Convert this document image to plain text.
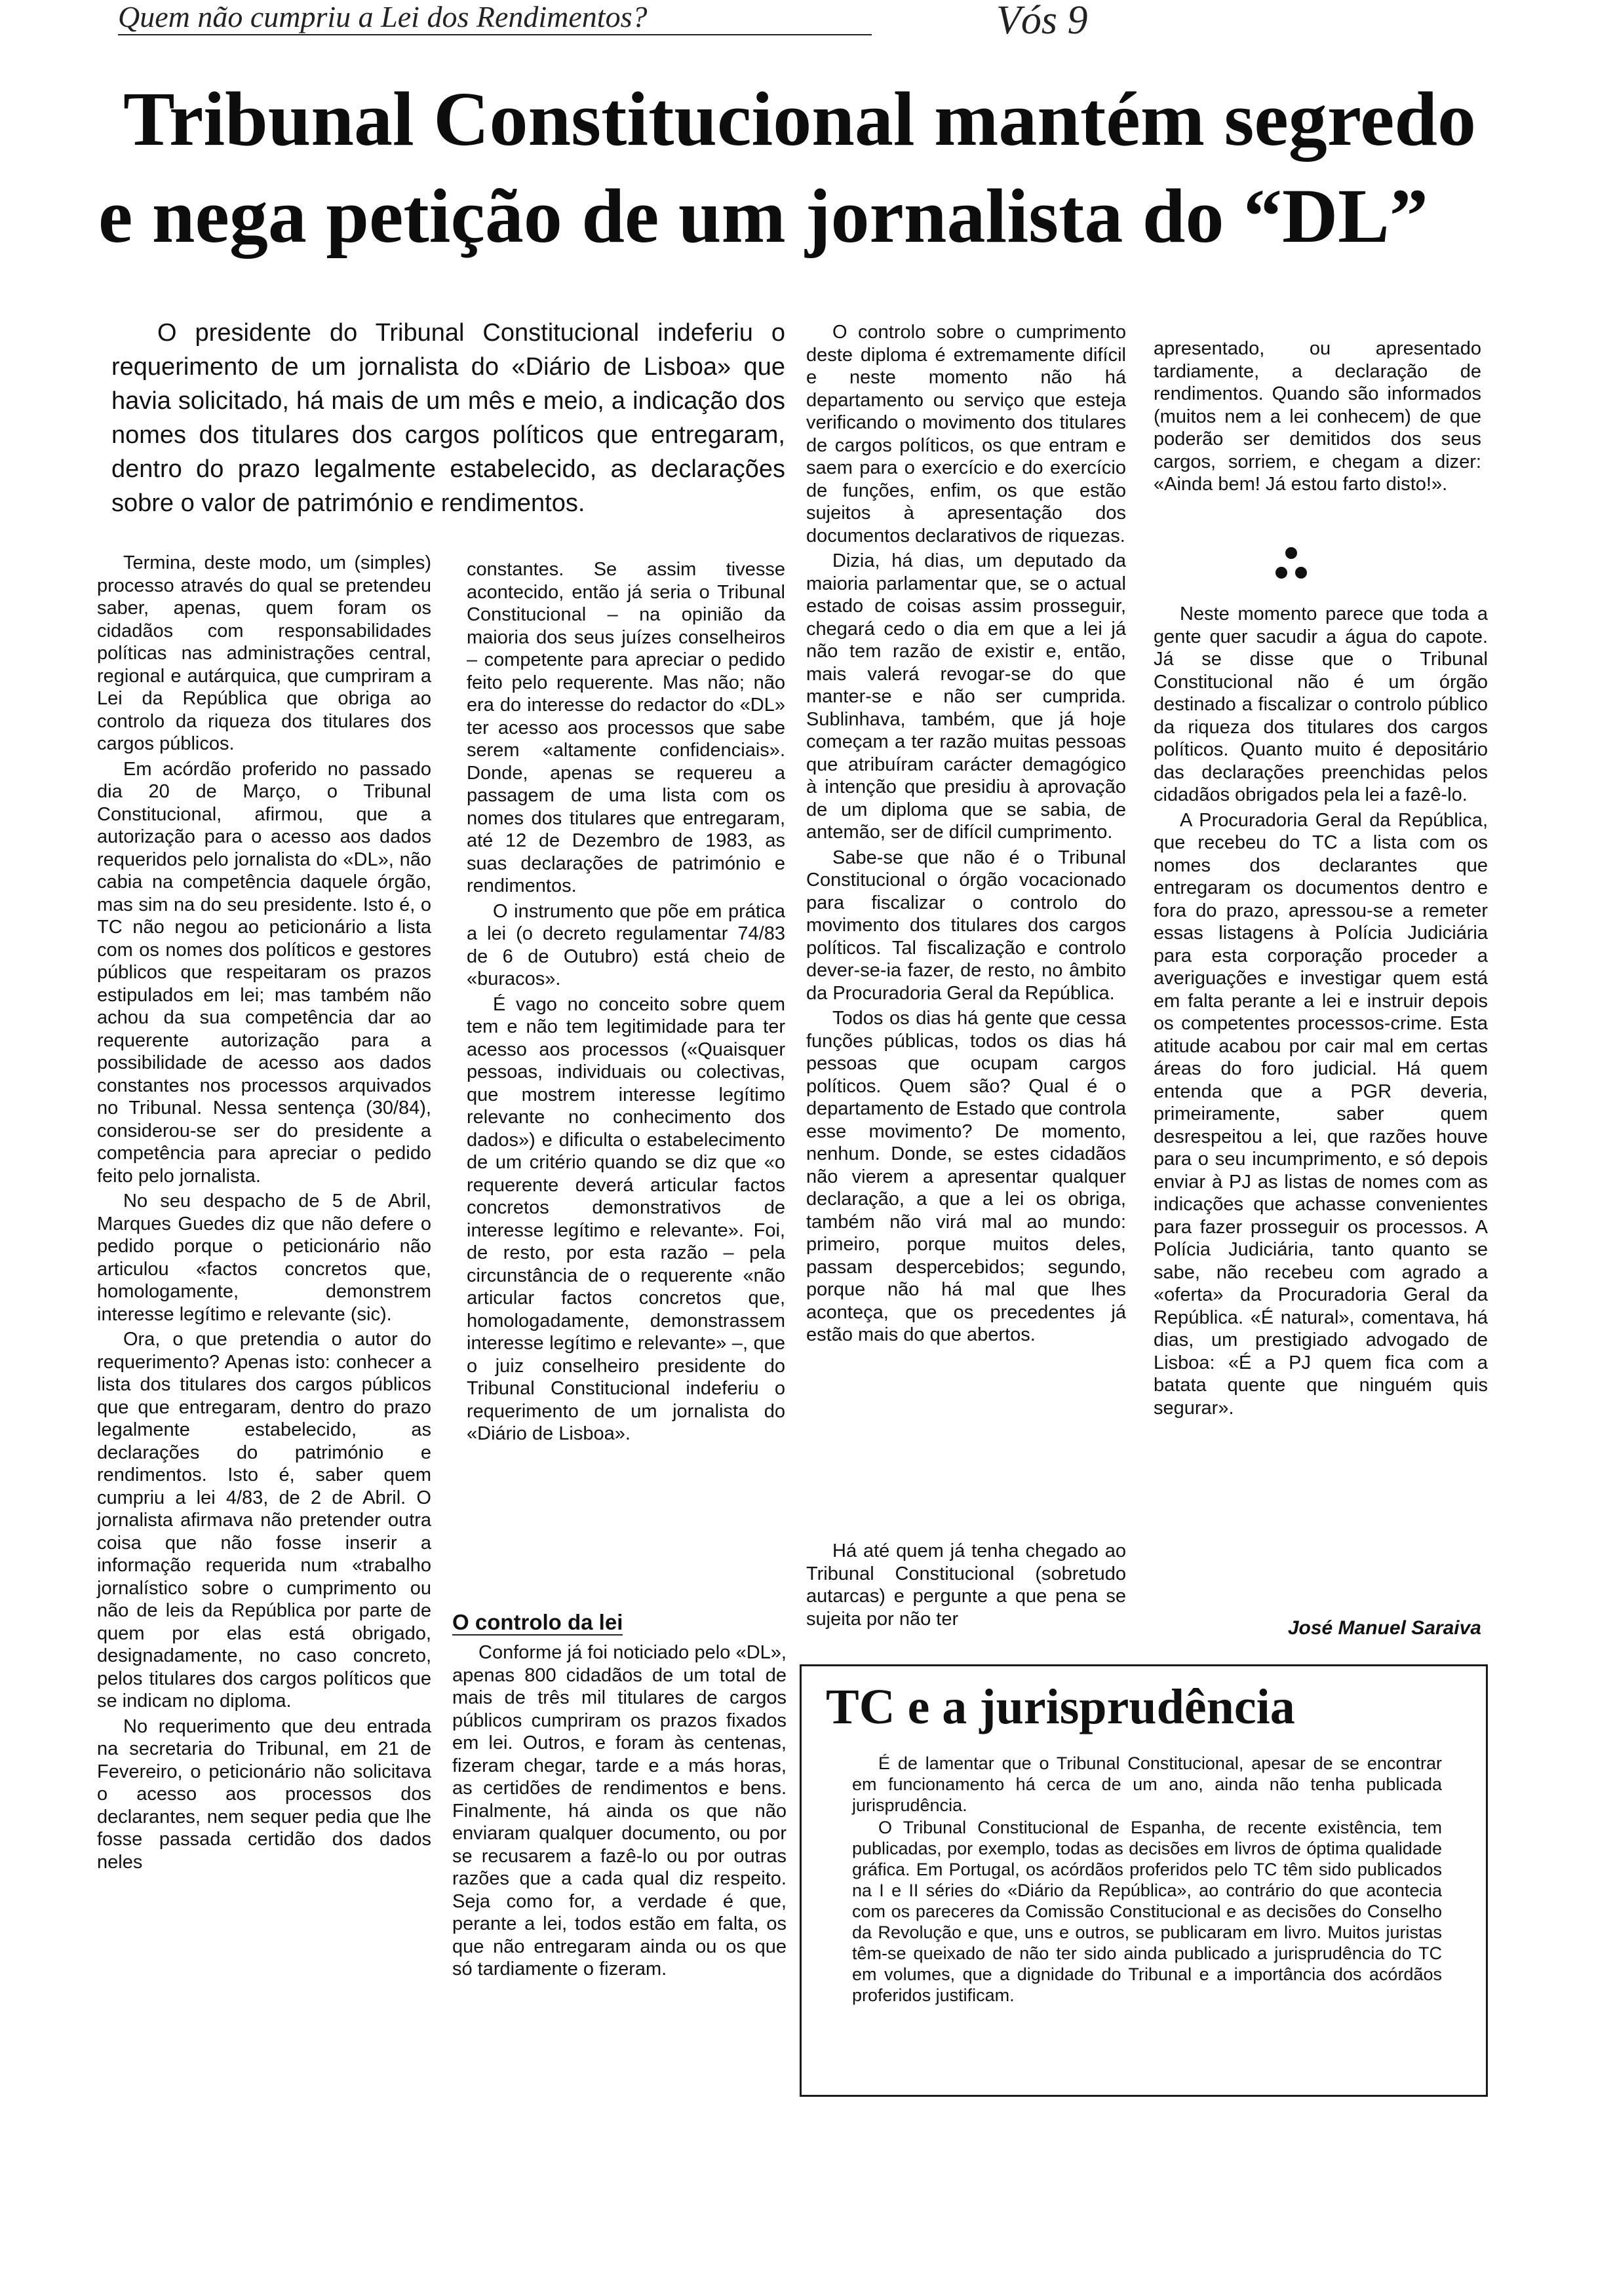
Quem não cumpriu a Lei dos Rendimentos?	Vós 9
Tribunal Constitucional mantém segredo
e nega petição de um jornalista do “DL”
O presidente do Tribunal Constitucional indeferiu o requerimento de um jornalista do «Diário de Lisboa» que havia solicitado, há mais de um mês e meio, a indicação dos nomes dos titulares dos cargos políticos que entregaram, dentro do prazo legalmente estabelecido, as declarações sobre o valor de património e rendimentos.

Termina, deste modo, um (simples) processo através do qual se pretendeu saber, apenas, quem foram os cidadãos com responsabilidades políticas nas administrações central, regional e autárquica, que cumpriram a Lei da República que obriga ao controlo da riqueza dos titulares dos cargos públicos.

Em acórdão proferido no passado dia 20 de Março, o Tribunal Constitucional, afirmou, que a autorização para o acesso aos dados requeridos pelo jornalista do «DL», não cabia na competência daquele órgão, mas sim na do seu presidente. Isto é, o TC não negou ao peticionário a lista com os nomes dos políticos e gestores públicos que respeitaram os prazos estipulados em lei; mas também não achou da sua competência dar ao requerente autorização para a possibilidade de acesso aos dados constantes nos processos arquivados no Tribunal. Nessa sentença (30/84), considerou-se ser do presidente a competência para apreciar o pedido feito pelo jornalista.

No seu despacho de 5 de Abril, Marques Guedes diz que não defere o pedido porque o peticionário não articulou «factos concretos que, homologamente, demonstrem interesse legítimo e relevante (sic).

Ora, o que pretendia o autor do requerimento? Apenas isto: conhecer a lista dos titulares dos cargos públicos que que entregaram, dentro do prazo legalmente estabelecido, as declarações do património e rendimentos. Isto é, saber quem cumpriu a lei 4/83, de 2 de Abril. O jornalista afirmava não pretender outra coisa que não fosse inserir a informação requerida num «trabalho jornalístico sobre o cumprimento ou não de leis da República por parte de quem por elas está obrigado, designadamente, no caso concreto, pelos titulares dos cargos políticos que se indicam no diploma.

No requerimento que deu entrada na secretaria do Tribunal, em 21 de Fevereiro, o peticionário não solicitava o acesso aos processos dos declarantes, nem sequer pedia que lhe fosse passada certidão dos dados neles

constantes. Se assim tivesse acontecido, então já seria o Tribunal Constitucional – na opinião da maioria dos seus juízes conselheiros – competente para apreciar o pedido feito pelo requerente. Mas não; não era do interesse do redactor do «DL» ter acesso aos processos que sabe serem «altamente confidenciais». Donde, apenas se requereu a passagem de uma lista com os nomes dos titulares que entregaram, até 12 de Dezembro de 1983, as suas declarações de património e rendimentos.

O instrumento que põe em prática a lei (o decreto regulamentar 74/83 de 6 de Outubro) está cheio de «buracos».

É vago no conceito sobre quem tem e não tem legitimidade para ter acesso aos processos («Quaisquer pessoas, individuais ou colectivas, que mostrem interesse legítimo relevante no conhecimento dos dados») e dificulta o estabelecimento de um critério quando se diz que «o requerente deverá articular factos concretos demonstrativos de interesse legítimo e relevante». Foi, de resto, por esta razão – pela circunstância de o requerente «não articular factos concretos que, homologadamente, demonstrassem interesse legítimo e relevante» –, que o juiz conselheiro presidente do Tribunal Constitucional indeferiu o requerimento de um jornalista do «Diário de Lisboa».

O controlo da lei

Conforme já foi noticiado pelo «DL», apenas 800 cidadãos de um total de mais de três mil titulares de cargos públicos cumpriram os prazos fixados em lei. Outros, e foram às centenas, fizeram chegar, tarde e a más horas, as certidões de rendimentos e bens. Finalmente, há ainda os que não enviaram qualquer documento, ou por se recusarem a fazê-lo ou por outras razões que a cada qual diz respeito. Seja como for, a verdade é que, perante a lei, todos estão em falta, os que não entregaram ainda ou os que só tardiamente o fizeram.

O controlo sobre o cumprimento deste diploma é extremamente difícil e neste momento não há departamento ou serviço que esteja verificando o movimento dos titulares de cargos políticos, os que entram e saem para o exercício e do exercício de funções, enfim, os que estão sujeitos à apresentação dos documentos declarativos de riquezas.

Dizia, há dias, um deputado da maioria parlamentar que, se o actual estado de coisas assim prosseguir, chegará cedo o dia em que a lei já não tem razão de existir e, então, mais valerá revogar-se do que manter-se e não ser cumprida. Sublinhava, também, que já hoje começam a ter razão muitas pessoas que atribuíram carácter demagógico à intenção que presidiu à aprovação de um diploma que se sabia, de antemão, ser de difícil cumprimento.

Sabe-se que não é o Tribunal Constitucional o órgão vocacionado para fiscalizar o controlo do movimento dos titulares dos cargos políticos. Tal fiscalização e controlo dever-se-ia fazer, de resto, no âmbito da Procuradoria Geral da República.

Todos os dias há gente que cessa funções públicas, todos os dias há pessoas que ocupam cargos políticos. Quem são? Qual é o departamento de Estado que controla esse movimento? De momento, nenhum. Donde, se estes cidadãos não vierem a apresentar qualquer declaração, a que a lei os obriga, também não virá mal ao mundo: primeiro, porque muitos deles, passam despercebidos; segundo, porque não há mal que lhes aconteça, que os precedentes já estão mais do que abertos.

Há até quem já tenha chegado ao Tribunal Constitucional (sobretudo autarcas) e pergunte a que pena se sujeita por não ter

apresentado, ou apresentado tardiamente, a declaração de rendimentos. Quando são informados (muitos nem a lei conhecem) de que poderão ser demitidos dos seus cargos, sorriem, e chegam a dizer: «Ainda bem! Já estou farto disto!».

Neste momento parece que toda a gente quer sacudir a água do capote. Já se disse que o Tribunal Constitucional não é um órgão destinado a fiscalizar o controlo público da riqueza dos titulares dos cargos políticos. Quanto muito é depositário das declarações preenchidas pelos cidadãos obrigados pela lei a fazê-lo.

A Procuradoria Geral da República, que recebeu do TC a lista com os nomes dos declarantes que entregaram os documentos dentro e fora do prazo, apressou-se a remeter essas listagens à Polícia Judiciária para esta corporação proceder a averiguações e investigar quem está em falta perante a lei e instruir depois os competentes processos-crime. Esta atitude acabou por cair mal em certas áreas do foro judicial. Há quem entenda que a PGR deveria, primeiramente, saber quem desrespeitou a lei, que razões houve para o seu incumprimento, e só depois enviar à PJ as listas de nomes com as indicações que achasse convenientes para fazer prosseguir os processos. A Polícia Judiciária, tanto quanto se sabe, não recebeu com agrado a «oferta» da Procuradoria Geral da República. «É natural», comentava, há dias, um prestigiado advogado de Lisboa: «É a PJ quem fica com a batata quente que ninguém quis segurar».

José Manuel Saraiva
TC e a jurisprudência

É de lamentar que o Tribunal Constitucional, apesar de se encontrar em funcionamento há cerca de um ano, ainda não tenha publicada jurisprudência.

O Tribunal Constitucional de Espanha, de recente existência, tem publicadas, por exemplo, todas as decisões em livros de óptima qualidade gráfica. Em Portugal, os acórdãos proferidos pelo TC têm sido publicados na I e II séries do «Diário da República», ao contrário do que acontecia com os pareceres da Comissão Constitucional e as decisões do Conselho da Revolução e que, uns e outros, se publicaram em livro. Muitos juristas têm-se queixado de não ter sido ainda publicado a jurisprudência do TC em volumes, que a dignidade do Tribunal e a importância dos acórdãos proferidos justificam.
